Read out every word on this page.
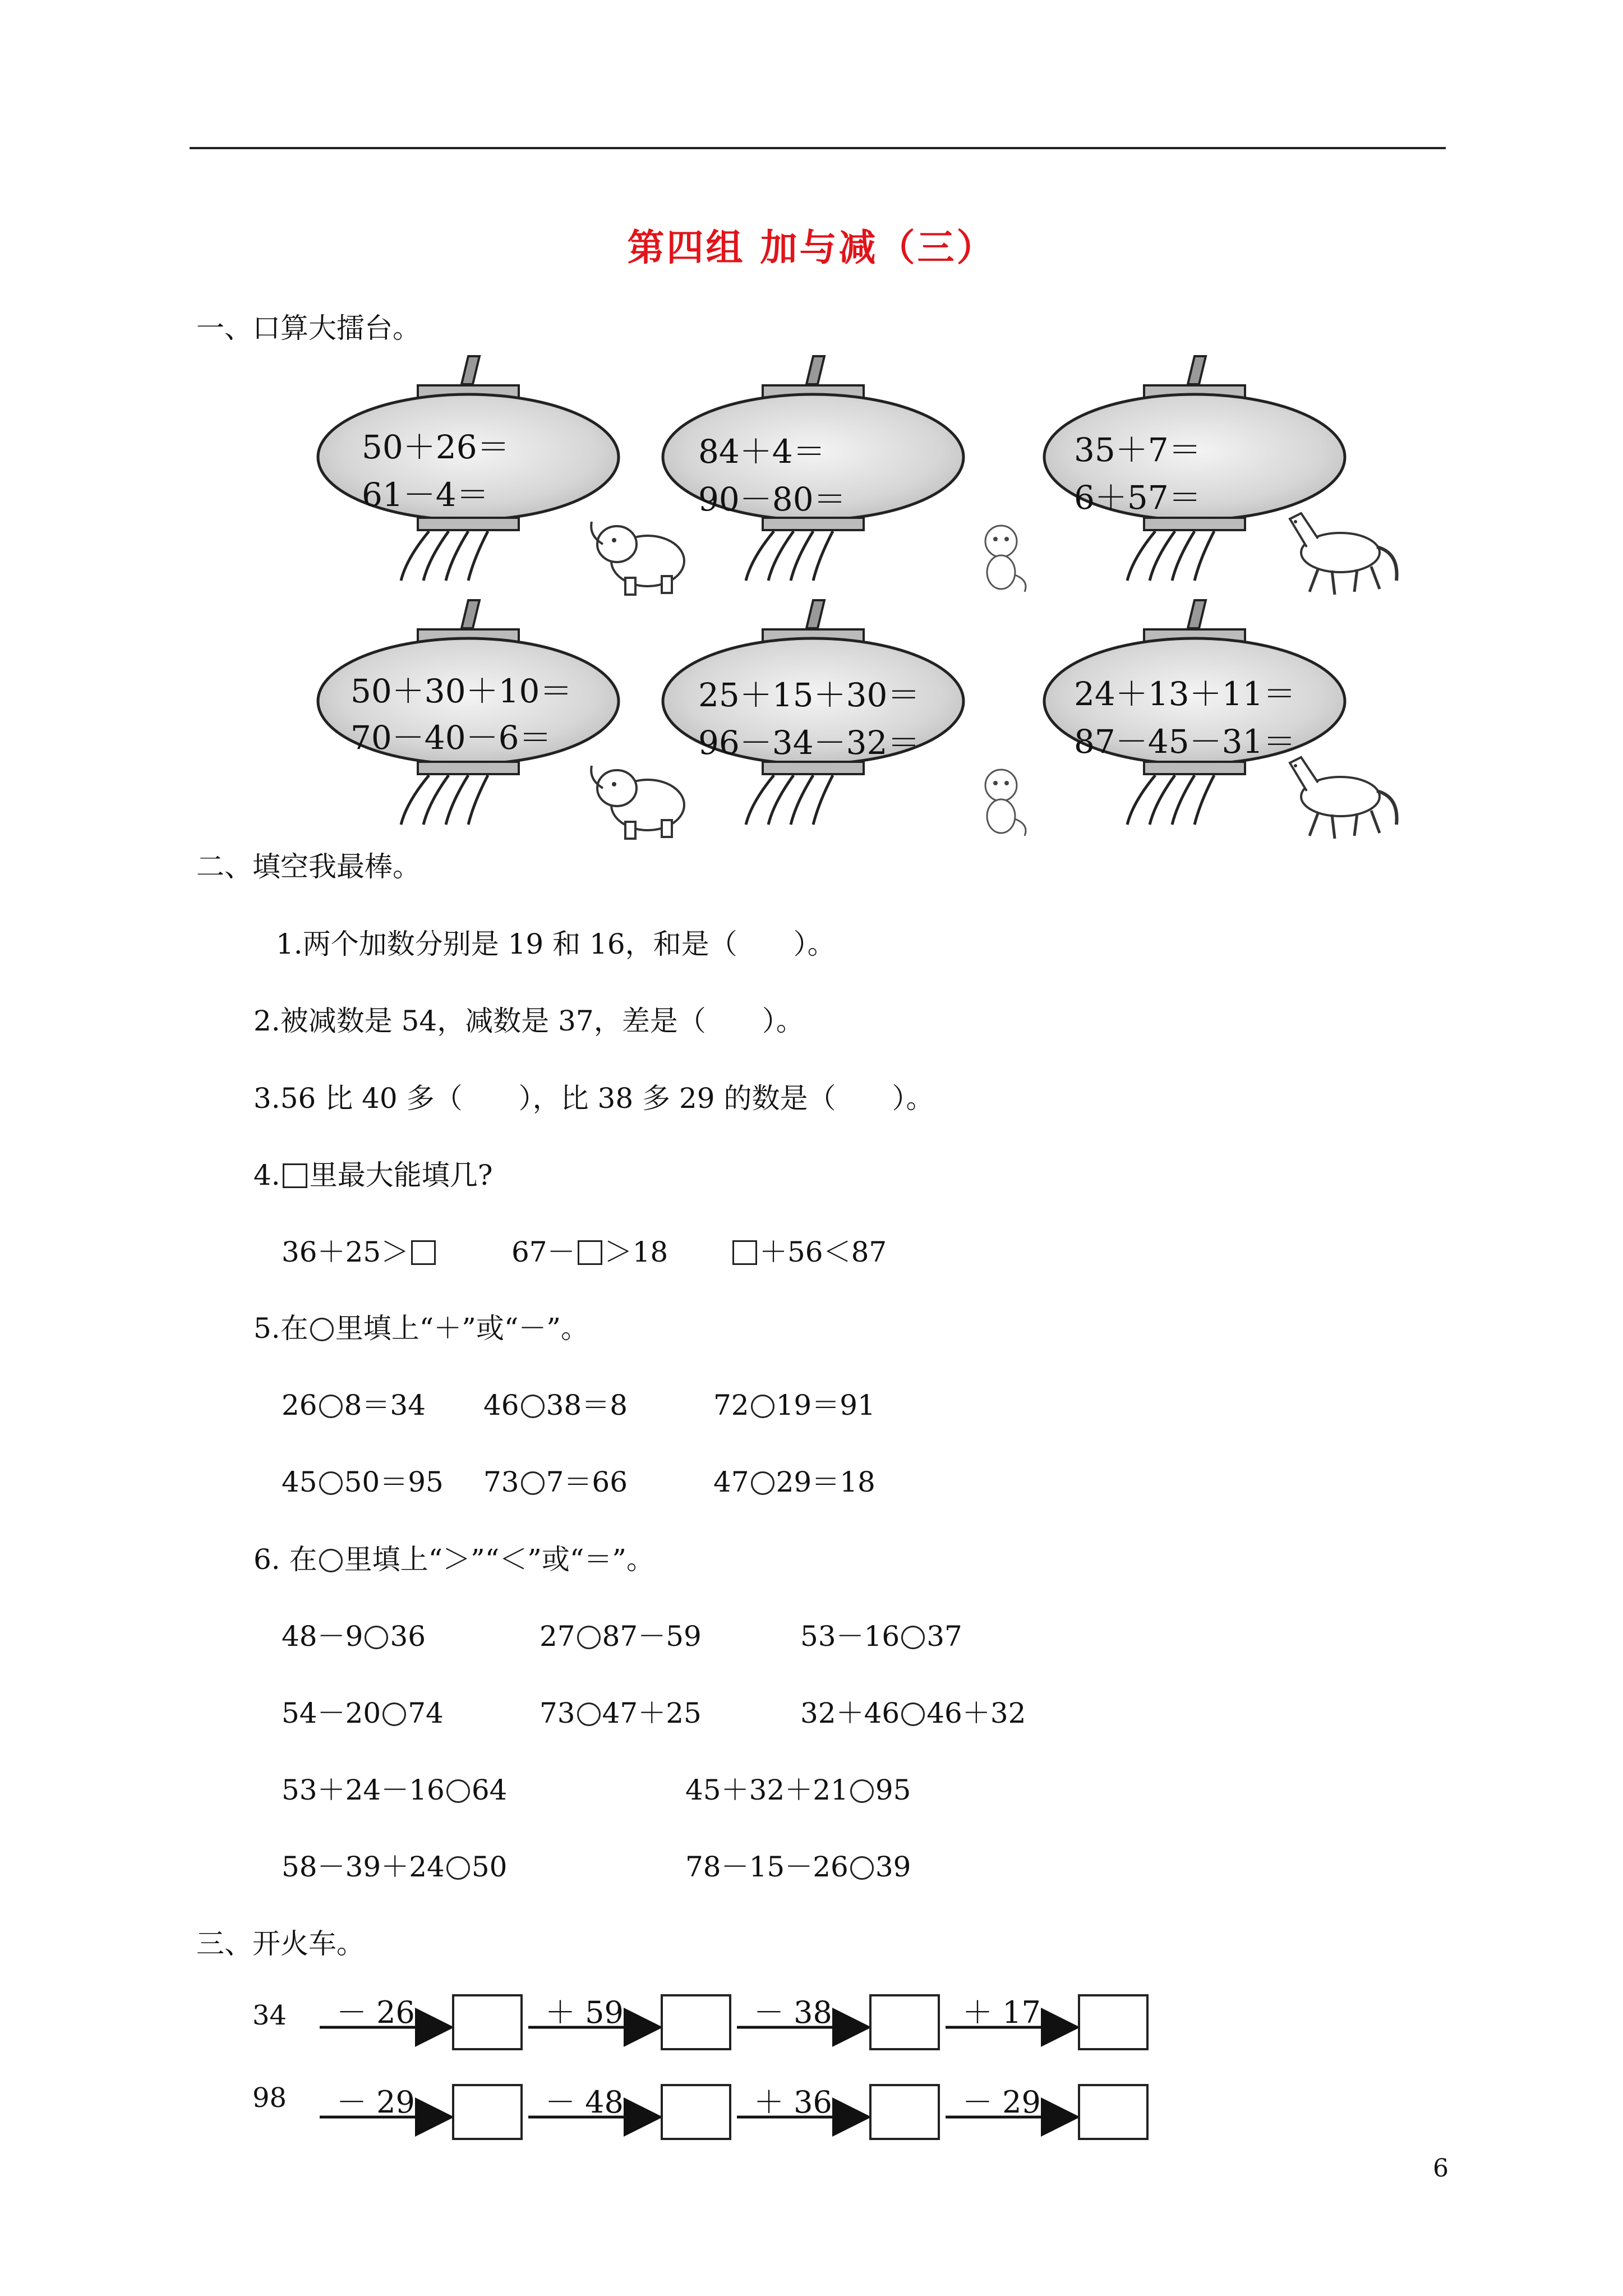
第四组 加与减（三）
一、口算大擂台。
50＋26＝
61－4＝
84＋4＝
90－80＝
35＋7＝
6＋57＝
50＋30＋10＝
70－40－6＝
25＋15＋30＝
96－34－32＝
24＋13＋11＝
87－45－31＝
二、填空我最棒。
1.两个加数分别是 19 和 16，和是（　　）。
2.被减数是 54，减数是 37，差是（　　）。
3.56 比 40 多（　　），比 38 多 29 的数是（　　）。
4. 里最大能填几?
36＋25＞	67－ ＞18	＋56＜87
5.在 里填上“＋”或“－”。
26 8＝34 46 38＝8	72 19＝91
45 50＝95 73 7＝66	47 29＝18
6. 在 里填上“＞”“＜”或“＝”。
48－9 36	27 87－59	53－16 37
54－20 74	73 47＋25	32＋46 46＋32
53＋24－16 64	45＋32＋21 95
58－39＋24 50	78－15－26 39
三、开火车。
34 － 26	＋ 59	－ 38	＋ 17
98 － 29	－ 48	＋ 36	－ 29
6
